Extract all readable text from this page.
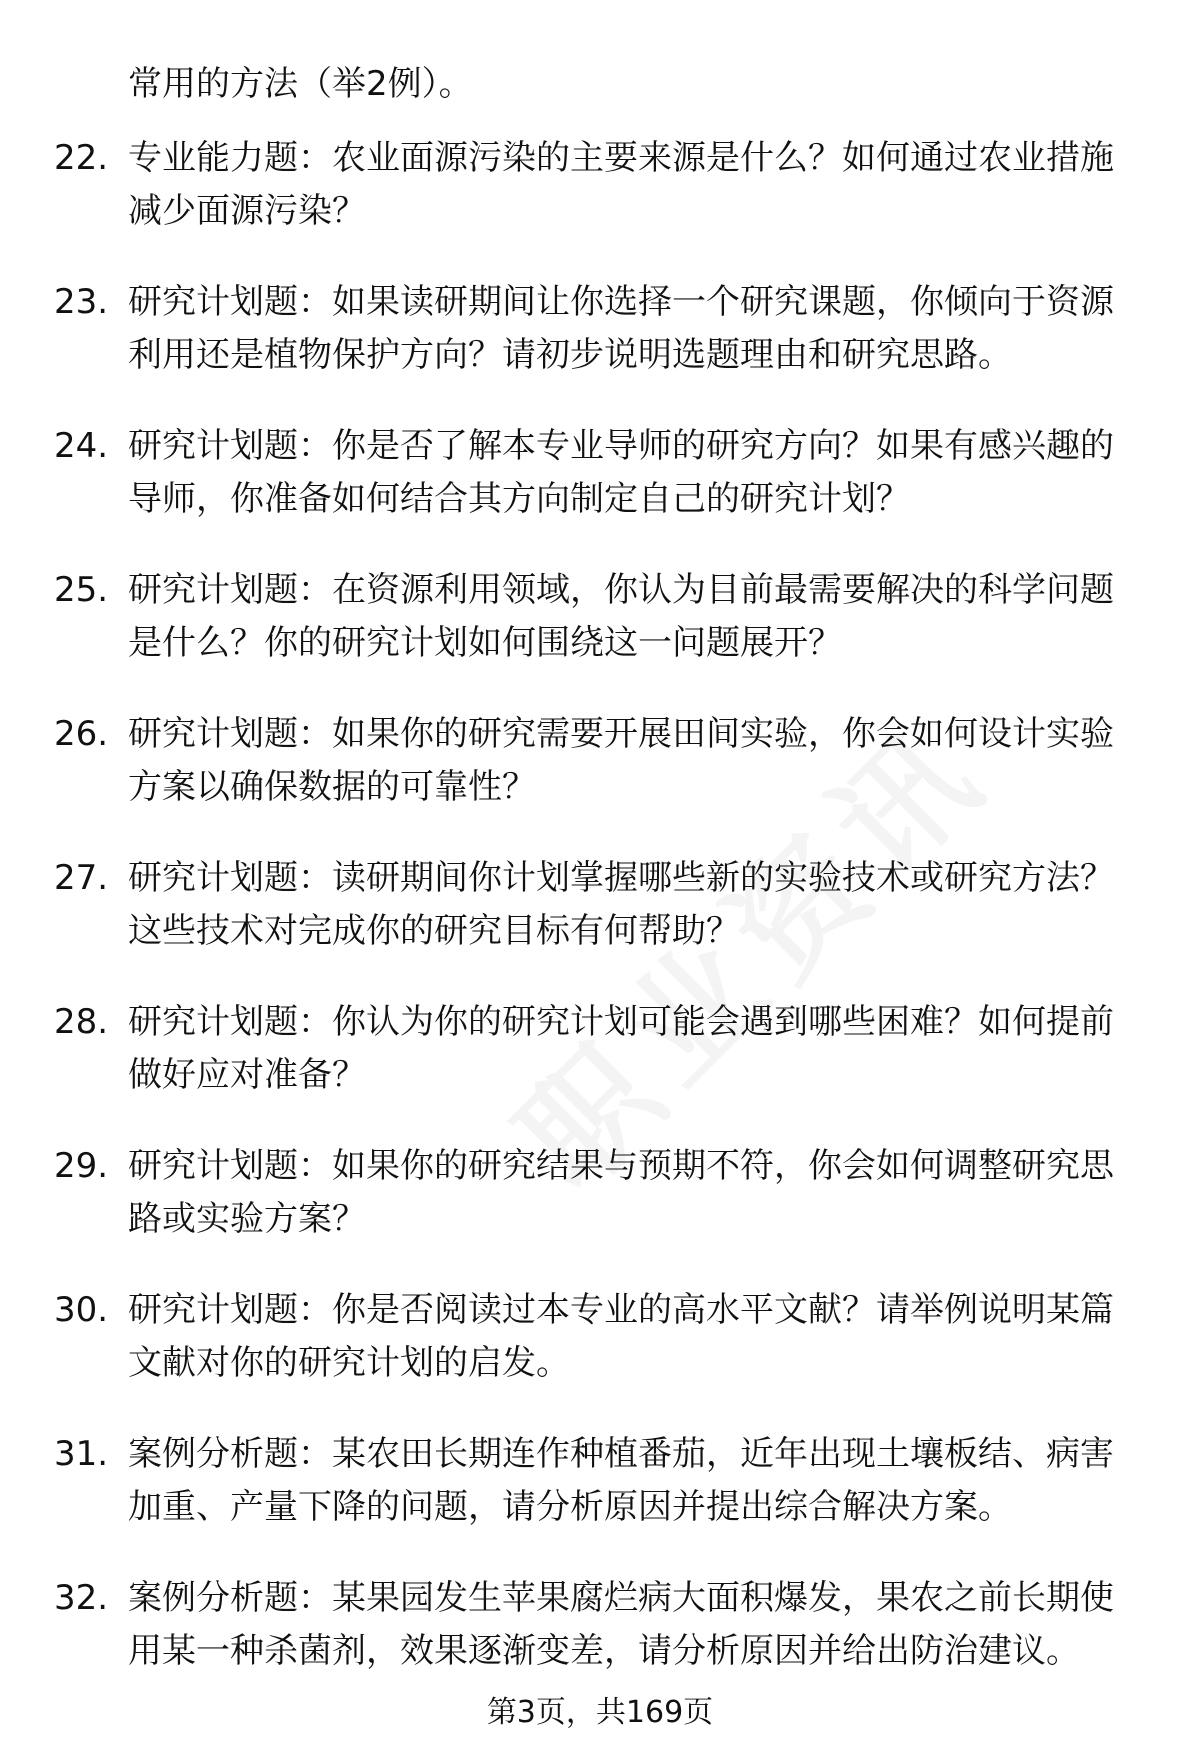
常用的方法（举2例）。

22. 专业能力题：农业面源污染的主要来源是什么？如何通过农业措施减少面源污染？
23. 研究计划题：如果读研期间让你选择一个研究课题，你倾向于资源利用还是植物保护方向？请初步说明选题理由和研究思路。
24. 研究计划题：你是否了解本专业导师的研究方向？如果有感兴趣的导师，你准备如何结合其方向制定自己的研究计划？
25. 研究计划题：在资源利用领域，你认为目前最需要解决的科学问题是什么？你的研究计划如何围绕这一问题展开？
26. 研究计划题：如果你的研究需要开展田间实验，你会如何设计实验方案以确保数据的可靠性？
27. 研究计划题：读研期间你计划掌握哪些新的实验技术或研究方法？这些技术对完成你的研究目标有何帮助？
28. 研究计划题：你认为你的研究计划可能会遇到哪些困难？如何提前做好应对准备？
29. 研究计划题：如果你的研究结果与预期不符，你会如何调整研究思路或实验方案？
30. 研究计划题：你是否阅读过本专业的高水平文献？请举例说明某篇文献对你的研究计划的启发。
31. 案例分析题：某农田长期连作种植番茄，近年出现土壤板结、病害加重、产量下降的问题，请分析原因并提出综合解决方案。
32. 案例分析题：某果园发生苹果腐烂病大面积爆发，果农之前长期使用某一种杀菌剂，效果逐渐变差，请分析原因并给出防治建议。
第3页，共169页
